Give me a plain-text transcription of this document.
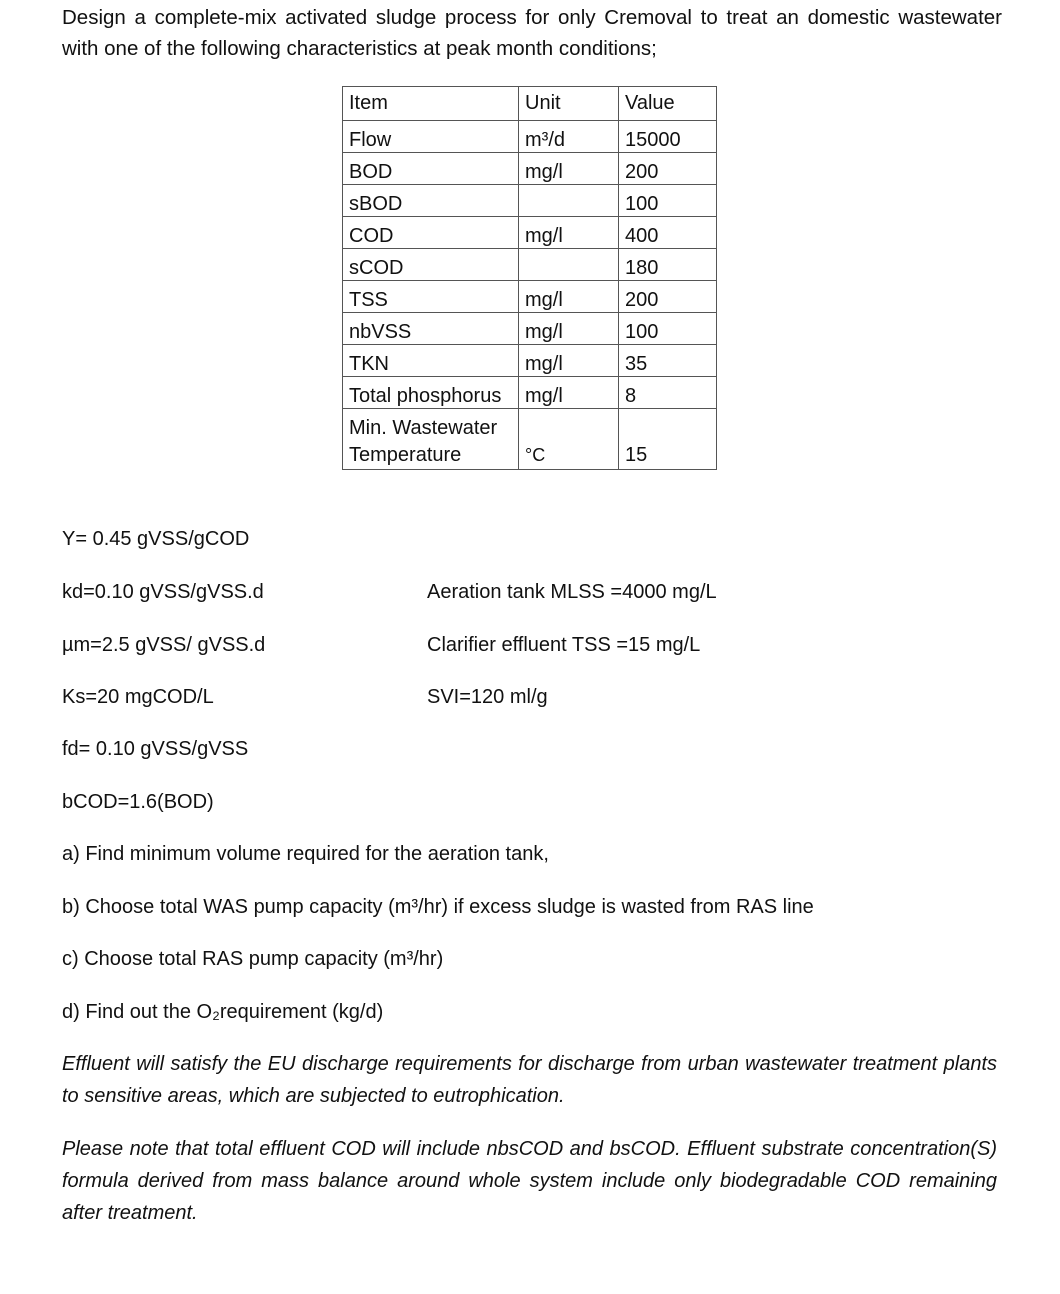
Design a complete-mix activated sludge process for only Cremoval to treat an domestic wastewater with one of the following characteristics at peak month conditions;
Item	Unit	Value
Flow	m³/d	15000
BOD	mg/l	200
sBOD		100
COD	mg/l	400
sCOD		180
TSS	mg/l	200
nbVSS	mg/l	100
TKN	mg/l	35
Total phosphorus	mg/l	8
Min. Wastewater
Temperature	°C	15
Y= 0.45 gVSS/gCOD
kd=0.10 gVSS/gVSS.d
µm=2.5 gVSS/ gVSS.d
Ks=20 mgCOD/L
fd= 0.10 gVSS/gVSS
bCOD=1.6(BOD)
Aeration tank MLSS =4000 mg/L
Clarifier effluent TSS =15 mg/L
SVI=120 ml/g
a) Find minimum volume required for the aeration tank,
b) Choose total WAS pump capacity (m³/hr) if excess sludge is wasted from RAS line
c) Choose total RAS pump capacity (m³/hr)
d) Find out the O₂requirement (kg/d)
Effluent will satisfy the EU discharge requirements for discharge from urban wastewater treatment plants to sensitive areas, which are subjected to eutrophication.
Please note that total effluent COD will include nbsCOD and bsCOD. Effluent substrate concentration(S) formula derived from mass balance around whole system include only biodegradable COD remaining after treatment.
